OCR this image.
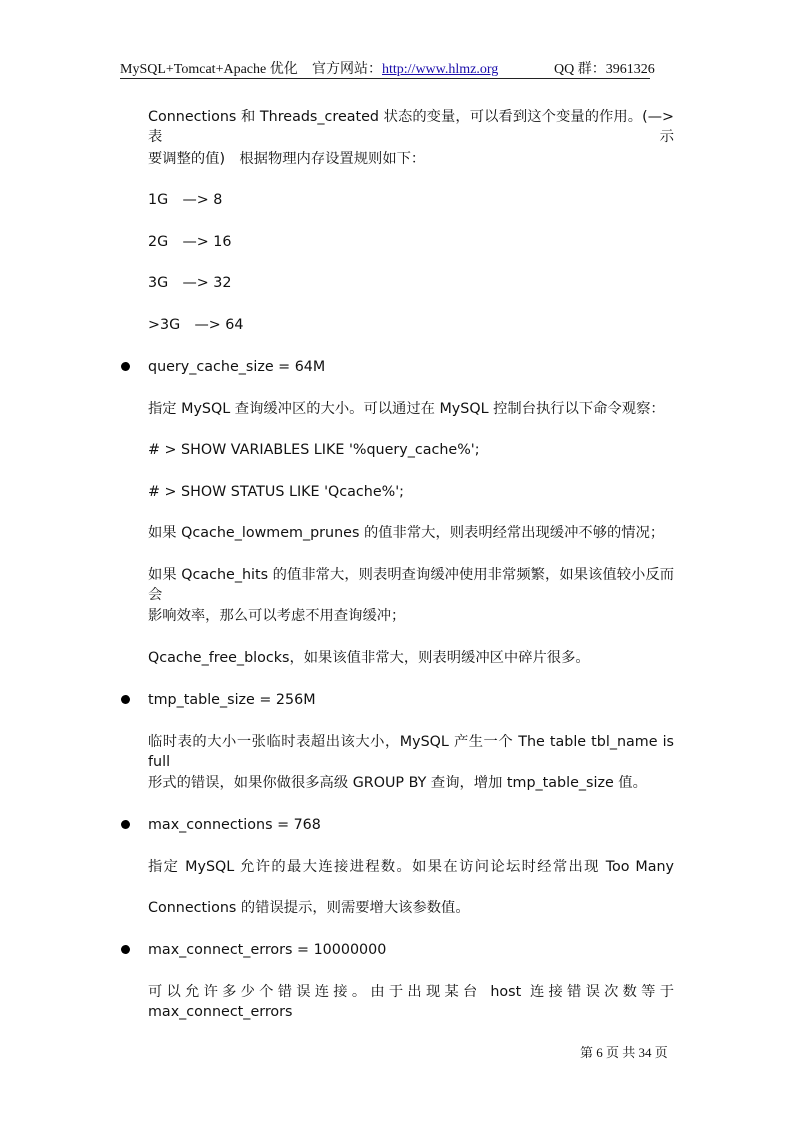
MySQL+Tomcat+Apache 优化 官方网站：http://www.hlmz.org	QQ 群：3961326
Connections 和 Threads_created 状态的变量，可以看到这个变量的作用。(—>表示
要调整的值)　根据物理内存设置规则如下：
1G　—> 8
2G　—> 16
3G　—> 32
>3G　—> 64
query_cache_size = 64M
指定 MySQL 查询缓冲区的大小。可以通过在 MySQL 控制台执行以下命令观察：
# > SHOW VARIABLES LIKE '%query_cache%';
# > SHOW STATUS LIKE 'Qcache%';
如果 Qcache_lowmem_prunes 的值非常大，则表明经常出现缓冲不够的情况；
如果 Qcache_hits 的值非常大，则表明查询缓冲使用非常频繁，如果该值较小反而会
影响效率，那么可以考虑不用查询缓冲；
Qcache_free_blocks，如果该值非常大，则表明缓冲区中碎片很多。
tmp_table_size = 256M
临时表的大小一张临时表超出该大小，MySQL 产生一个 The table tbl_name is full
形式的错误，如果你做很多高级 GROUP BY 查询，增加 tmp_table_size 值。
max_connections = 768
指定 MySQL 允许的最大连接进程数。如果在访问论坛时经常出现 Too Many
Connections 的错误提示，则需要增大该参数值。
max_connect_errors = 10000000
可以允许多少个错误连接。由于出现某台 host 连接错误次数等于 max_connect_errors
第 6 页 共 34 页
